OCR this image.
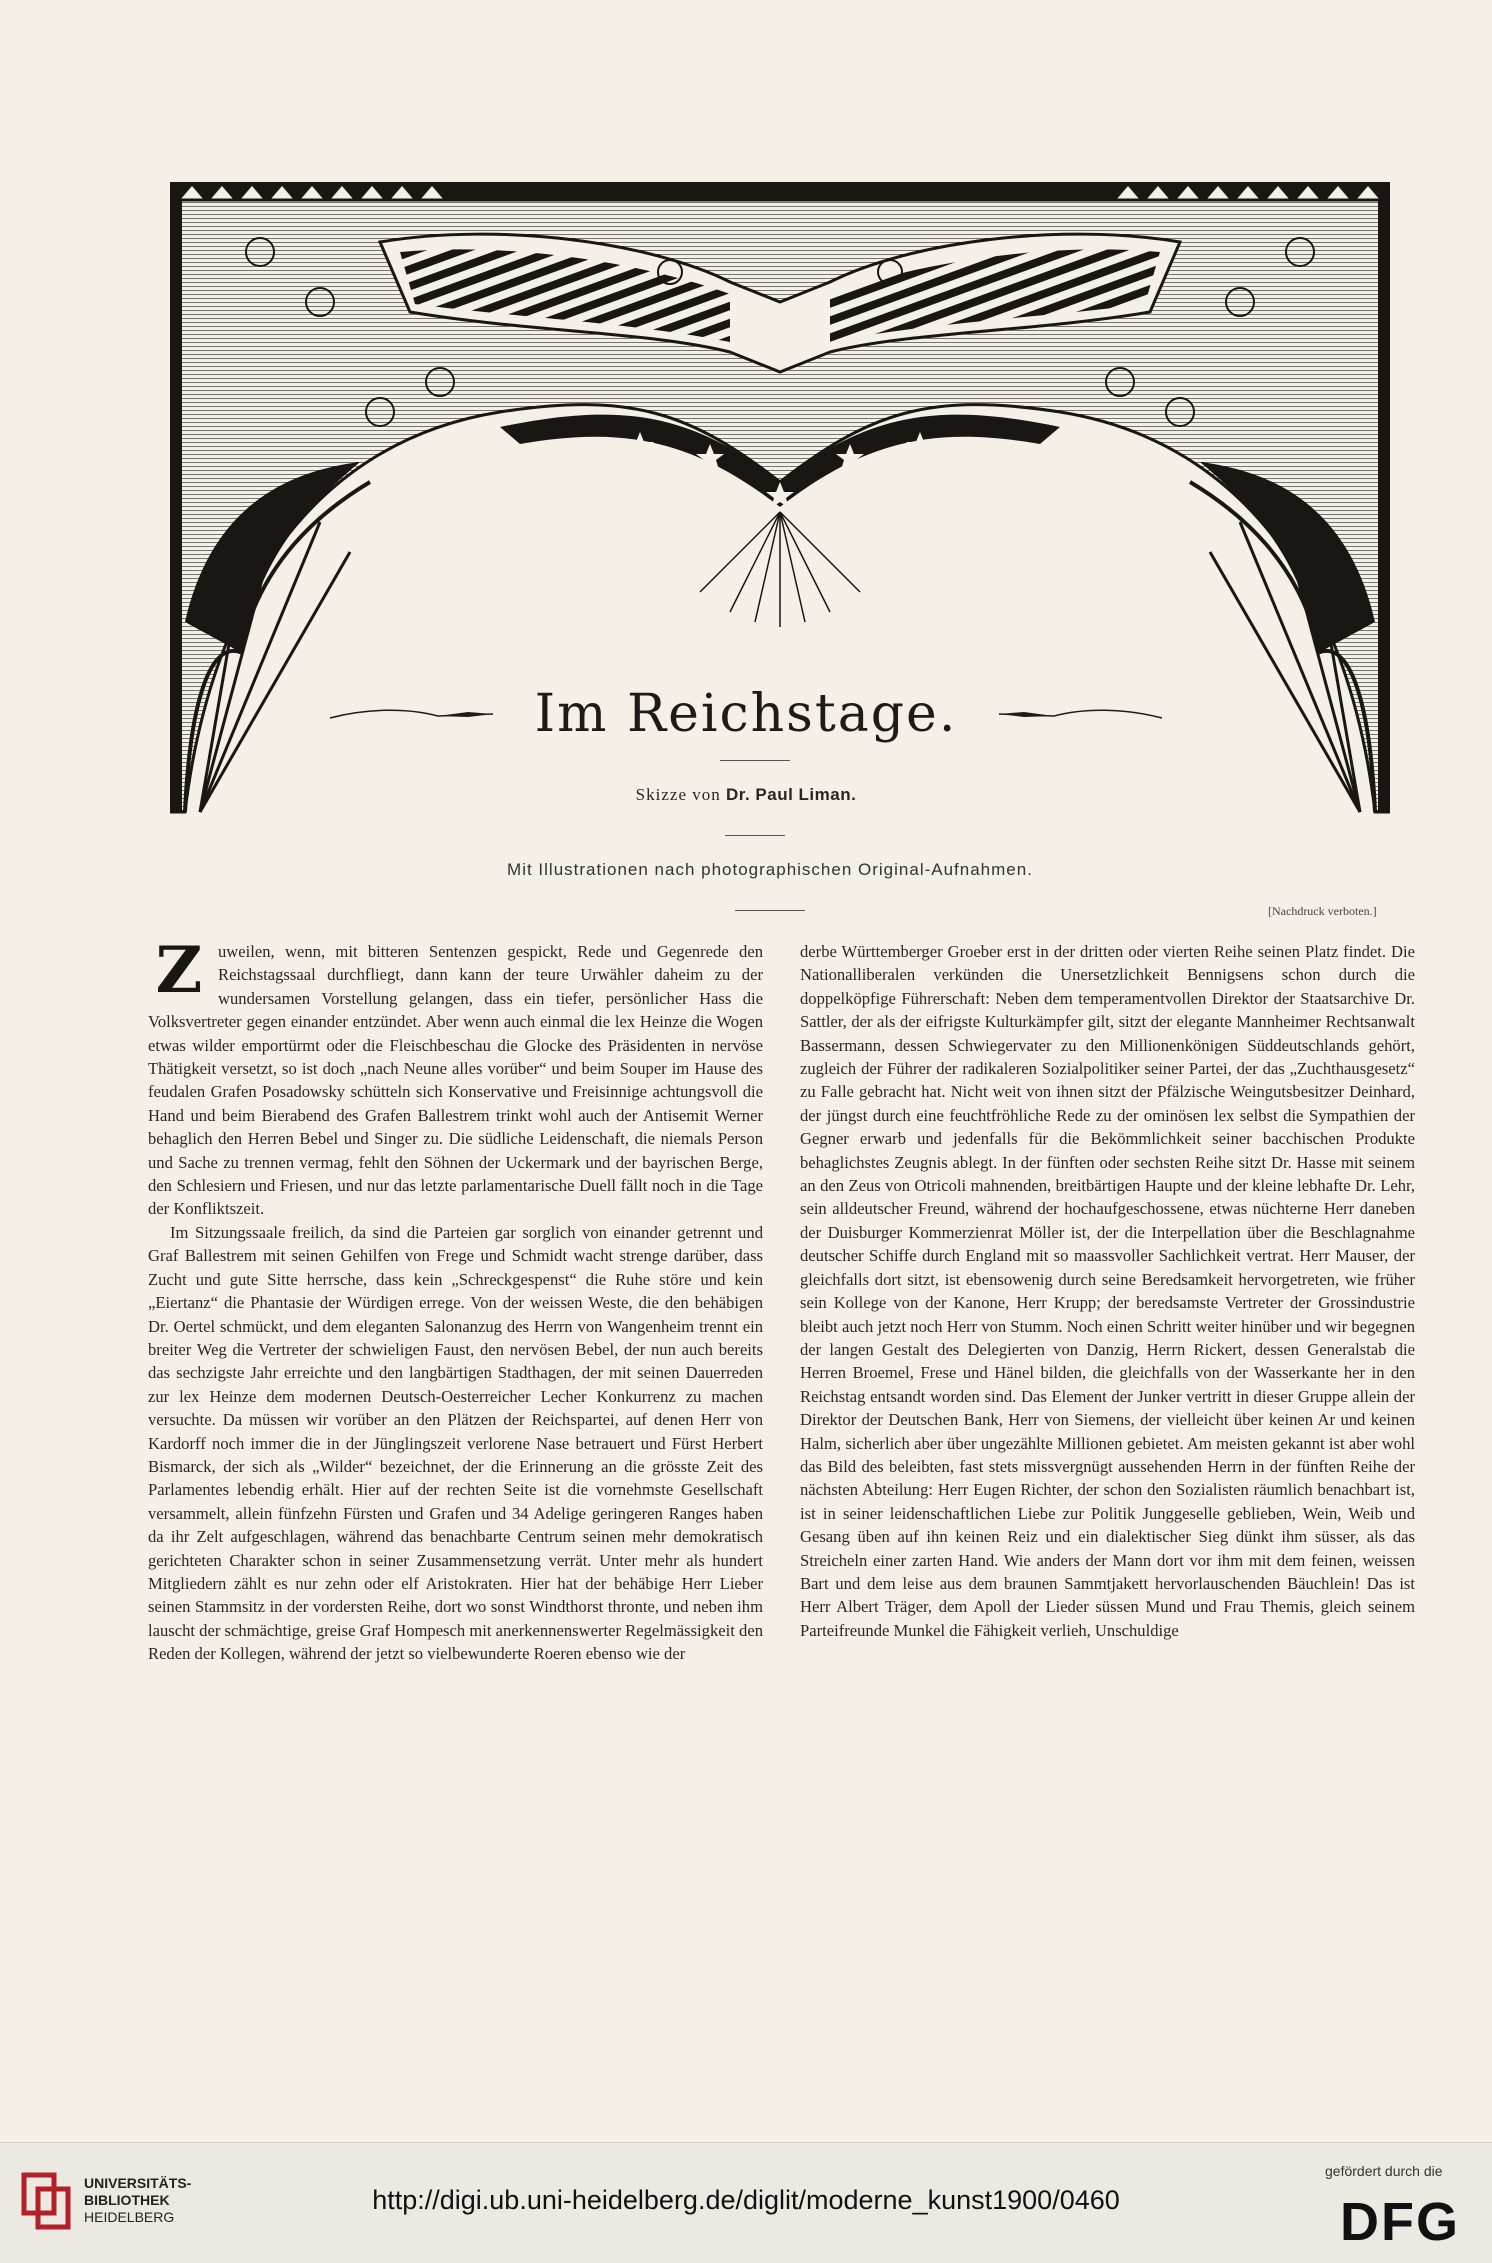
Im Reichstage.
Skizze von Dr. Paul Liman.
Mit Illustrationen nach photographischen Original-Aufnahmen.
[Nachdruck verboten.]

Zuweilen, wenn, mit bitteren Sentenzen gespickt, Rede und Gegenrede den Reichstagssaal durchfliegt, dann kann der teure Urwähler daheim zu der wundersamen Vorstellung gelangen, dass ein tiefer, persönlicher Hass die Volksvertreter gegen einander entzündet. Aber wenn auch einmal die lex Heinze die Wogen etwas wilder emportürmt oder die Fleischbeschau die Glocke des Präsidenten in nervöse Thätigkeit versetzt, so ist doch „nach Neune alles vorüber“ und beim Souper im Hause des feudalen Grafen Posadowsky schütteln sich Konservative und Freisinnige achtungsvoll die Hand und beim Bierabend des Grafen Ballestrem trinkt wohl auch der Antisemit Werner behaglich den Herren Bebel und Singer zu. Die südliche Leidenschaft, die niemals Person und Sache zu trennen vermag, fehlt den Söhnen der Uckermark und der bayrischen Berge, den Schlesiern und Friesen, und nur das letzte parlamentarische Duell fällt noch in die Tage der Konfliktszeit.

Im Sitzungssaale freilich, da sind die Parteien gar sorglich von einander getrennt und Graf Ballestrem mit seinen Gehilfen von Frege und Schmidt wacht strenge darüber, dass Zucht und gute Sitte herrsche, dass kein „Schreckgespenst“ die Ruhe störe und kein „Eiertanz“ die Phantasie der Würdigen errege. Von der weissen Weste, die den behäbigen Dr. Oertel schmückt, und dem eleganten Salonanzug des Herrn von Wangenheim trennt ein breiter Weg die Vertreter der schwieligen Faust, den nervösen Bebel, der nun auch bereits das sechzigste Jahr erreichte und den langbärtigen Stadthagen, der mit seinen Dauerreden zur lex Heinze dem modernen Deutsch-Oesterreicher Lecher Konkurrenz zu machen versuchte. Da müssen wir vorüber an den Plätzen der Reichspartei, auf denen Herr von Kardorff noch immer die in der Jünglingszeit verlorene Nase betrauert und Fürst Herbert Bismarck, der sich als „Wilder“ bezeichnet, der die Erinnerung an die grösste Zeit des Parlamentes lebendig erhält. Hier auf der rechten Seite ist die vornehmste Gesellschaft versammelt, allein fünfzehn Fürsten und Grafen und 34 Adelige geringeren Ranges haben da ihr Zelt aufgeschlagen, während das benachbarte Centrum seinen mehr demokratisch gerichteten Charakter schon in seiner Zusammensetzung verrät. Unter mehr als hundert Mitgliedern zählt es nur zehn oder elf Aristokraten. Hier hat der behäbige Herr Lieber seinen Stammsitz in der vordersten Reihe, dort wo sonst Windthorst thronte, und neben ihm lauscht der schmächtige, greise Graf Hompesch mit anerkennenswerter Regelmässigkeit den Reden der Kollegen, während der jetzt so vielbewunderte Roeren ebenso wie der

derbe Württemberger Groeber erst in der dritten oder vierten Reihe seinen Platz findet. Die Nationalliberalen verkünden die Unersetzlichkeit Bennigsens schon durch die doppelköpfige Führerschaft: Neben dem temperamentvollen Direktor der Staatsarchive Dr. Sattler, der als der eifrigste Kulturkämpfer gilt, sitzt der elegante Mannheimer Rechtsanwalt Bassermann, dessen Schwiegervater zu den Millionenkönigen Süddeutschlands gehört, zugleich der Führer der radikaleren Sozialpolitiker seiner Partei, der das „Zuchthausgesetz“ zu Falle gebracht hat. Nicht weit von ihnen sitzt der Pfälzische Weingutsbesitzer Deinhard, der jüngst durch eine feuchtfröhliche Rede zu der ominösen lex selbst die Sympathien der Gegner erwarb und jedenfalls für die Bekömmlichkeit seiner bacchischen Produkte behaglichstes Zeugnis ablegt. In der fünften oder sechsten Reihe sitzt Dr. Hasse mit seinem an den Zeus von Otricoli mahnenden, breitbärtigen Haupte und der kleine lebhafte Dr. Lehr, sein alldeutscher Freund, während der hochaufgeschossene, etwas nüchterne Herr daneben der Duisburger Kommerzienrat Möller ist, der die Interpellation über die Beschlagnahme deutscher Schiffe durch England mit so maassvoller Sachlichkeit vertrat. Herr Mauser, der gleichfalls dort sitzt, ist ebensowenig durch seine Beredsamkeit hervorgetreten, wie früher sein Kollege von der Kanone, Herr Krupp; der beredsamste Vertreter der Grossindustrie bleibt auch jetzt noch Herr von Stumm. Noch einen Schritt weiter hinüber und wir begegnen der langen Gestalt des Delegierten von Danzig, Herrn Rickert, dessen Generalstab die Herren Broemel, Frese und Hänel bilden, die gleichfalls von der Wasserkante her in den Reichstag entsandt worden sind. Das Element der Junker vertritt in dieser Gruppe allein der Direktor der Deutschen Bank, Herr von Siemens, der vielleicht über keinen Ar und keinen Halm, sicherlich aber über ungezählte Millionen gebietet. Am meisten gekannt ist aber wohl das Bild des beleibten, fast stets missvergnügt aussehenden Herrn in der fünften Reihe der nächsten Abteilung: Herr Eugen Richter, der schon den Sozialisten räumlich benachbart ist, ist in seiner leidenschaftlichen Liebe zur Politik Junggeselle geblieben, Wein, Weib und Gesang üben auf ihn keinen Reiz und ein dialektischer Sieg dünkt ihm süsser, als das Streicheln einer zarten Hand. Wie anders der Mann dort vor ihm mit dem feinen, weissen Bart und dem leise aus dem braunen Sammtjakett hervorlauschenden Bäuchlein! Das ist Herr Albert Träger, dem Apoll der Lieder süssen Mund und Frau Themis, gleich seinem Parteifreunde Munkel die Fähigkeit verlieh, Unschuldige

UNIVERSITÄTS-
BIBLIOTHEK
HEIDELBERG
http://digi.ub.uni-heidelberg.de/diglit/moderne_kunst1900/0460
gefördert durch die
DFG
